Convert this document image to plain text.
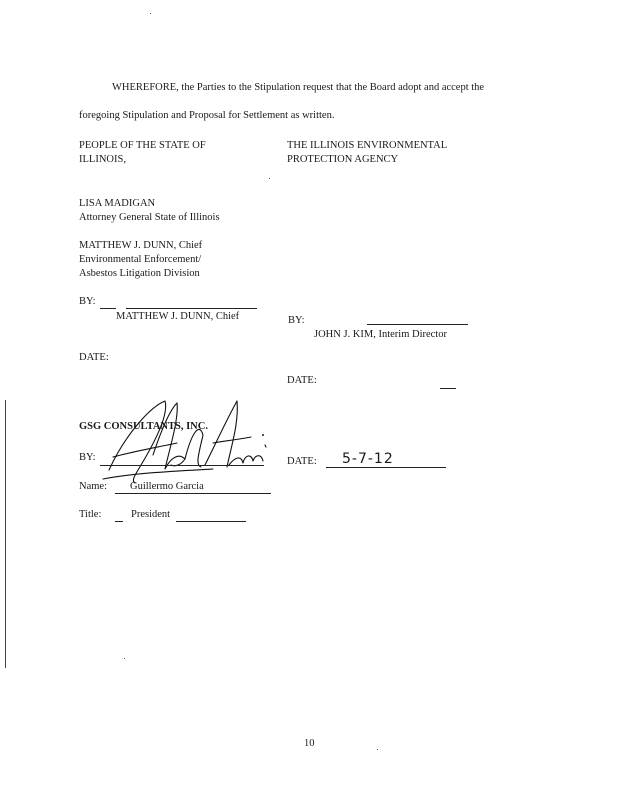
WHEREFORE, the Parties to the Stipulation request that the Board adopt and accept the
foregoing Stipulation and Proposal for Settlement as written.
PEOPLE OF THE STATE OF
ILLINOIS,
THE ILLINOIS ENVIRONMENTAL
PROTECTION AGENCY
LISA MADIGAN
Attorney General State of Illinois
MATTHEW J. DUNN, Chief
Environmental Enforcement/
Asbestos Litigation Division
BY:
MATTHEW J. DUNN, Chief
DATE:
BY:
JOHN J. KIM, Interim Director
DATE:
GSG CONSULTANTS, INC.
BY:	DATE: 5-7-12
Name: Guillermo Garcia
Title:	President
10
